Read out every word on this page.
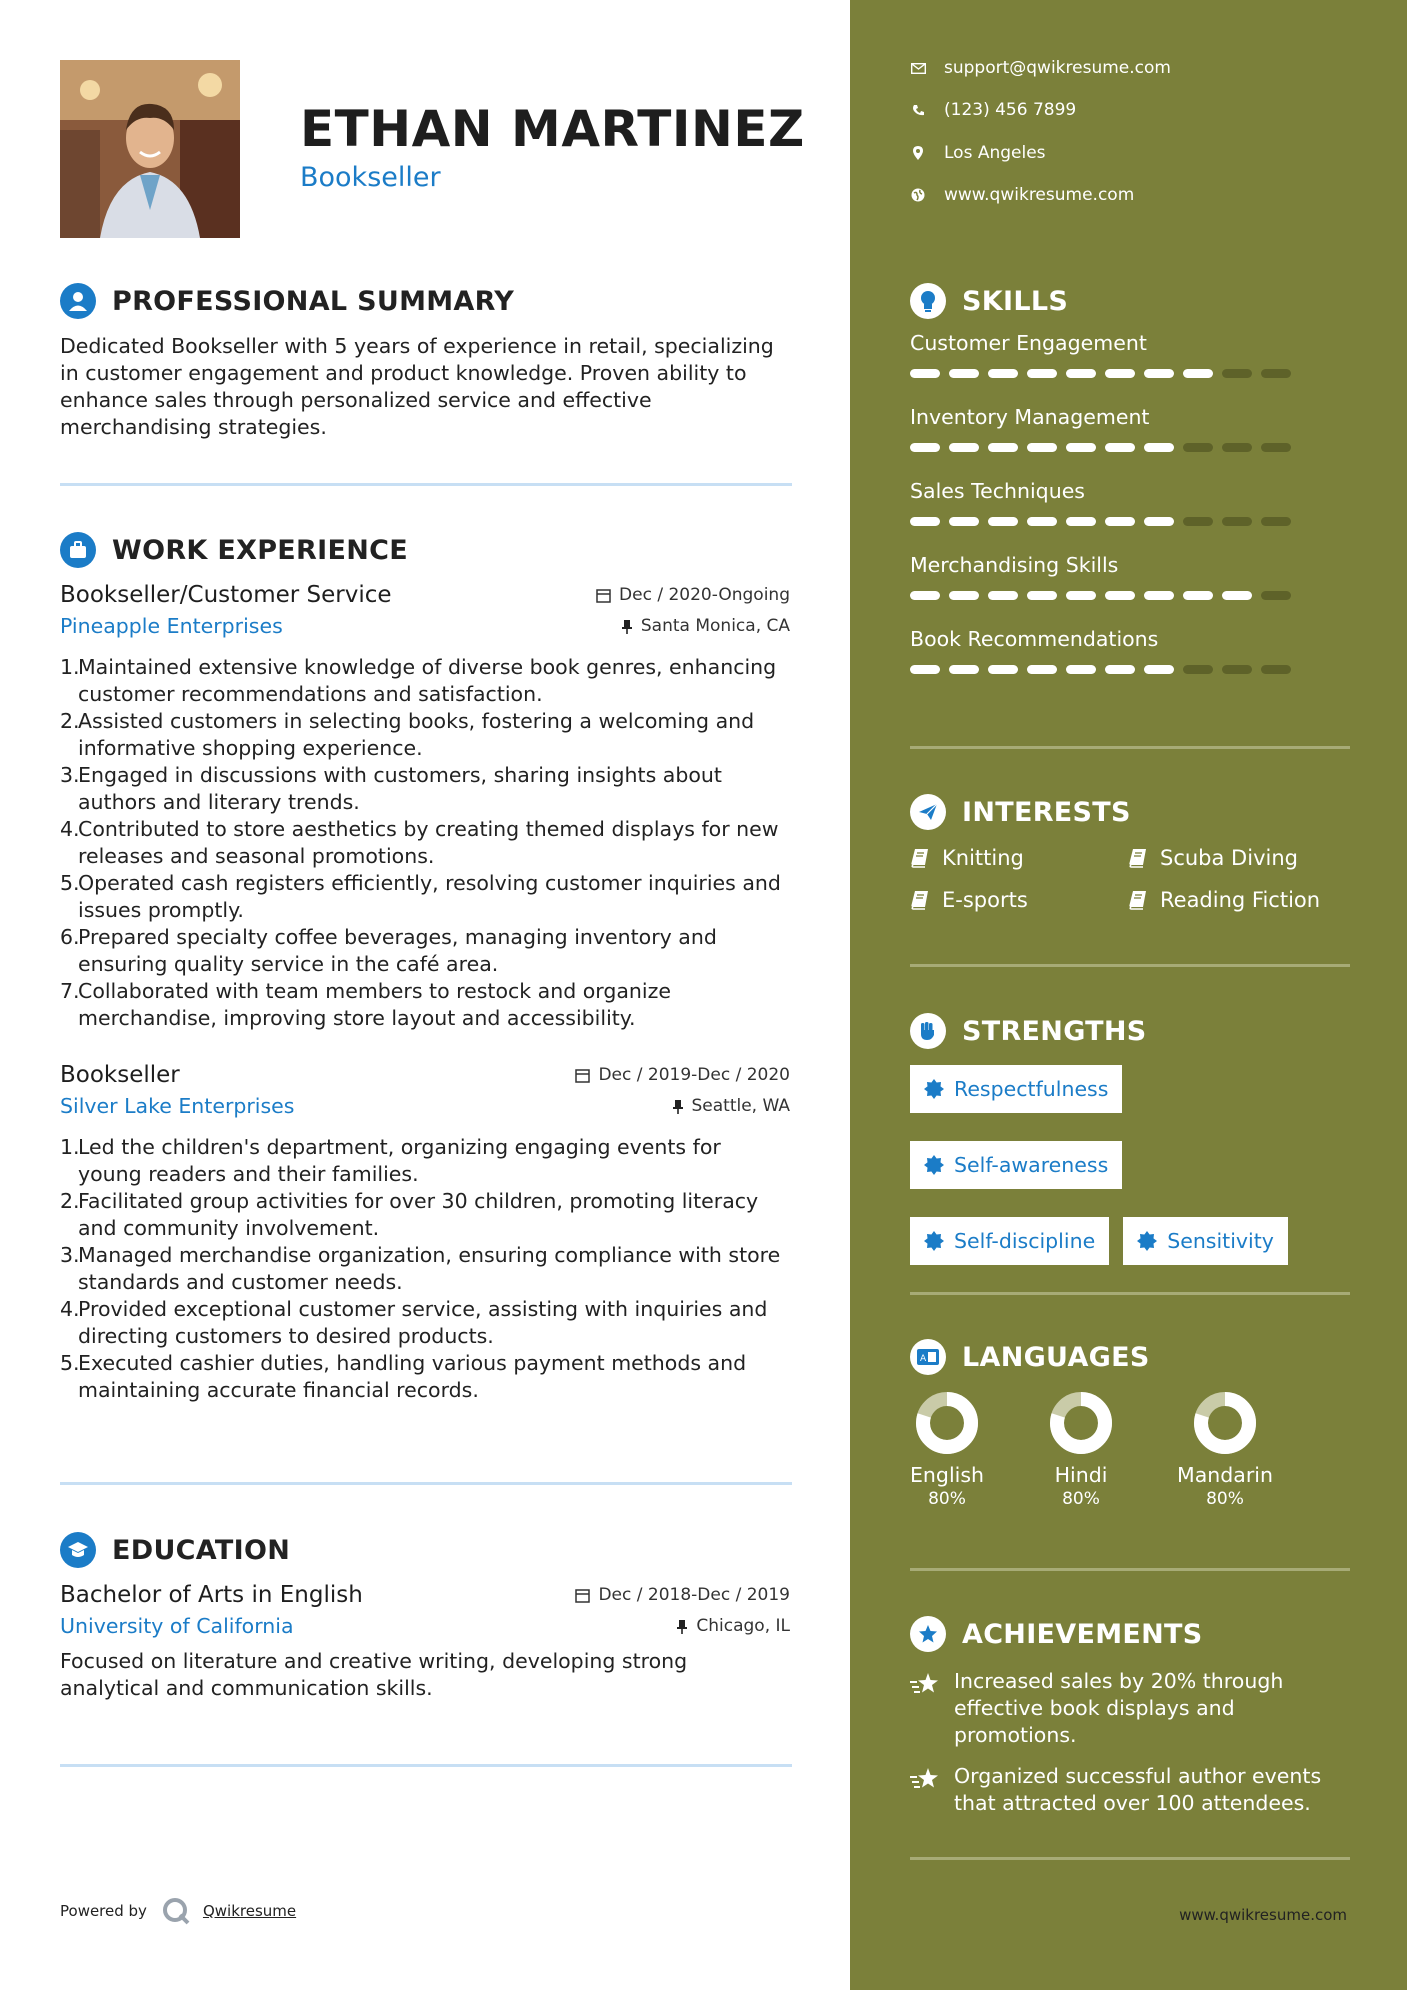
ETHAN MARTINEZ
Bookseller
PROFESSIONAL SUMMARY

Dedicated Bookseller with 5 years of experience in retail, specializing in customer engagement and product knowledge. Proven ability to enhance sales through personalized service and effective merchandising strategies.

WORK EXPERIENCE
Bookseller/Customer Service	Dec / 2020-Ongoing
Pineapple Enterprises	Santa Monica, CA
1.
Maintained extensive knowledge of diverse book genres, enhancing customer recommendations and satisfaction.
2.
Assisted customers in selecting books, fostering a welcoming and informative shopping experience.
3.
Engaged in discussions with customers, sharing insights about authors and literary trends.
4.
Contributed to store aesthetics by creating themed displays for new releases and seasonal promotions.
5.
Operated cash registers efficiently, resolving customer inquiries and issues promptly.
6.
Prepared specialty coffee beverages, managing inventory and ensuring quality service in the café area.
7.
Collaborated with team members to restock and organize merchandise, improving store layout and accessibility.
Bookseller	Dec / 2019-Dec / 2020
Silver Lake Enterprises	Seattle, WA
1.
Led the children's department, organizing engaging events for young readers and their families.
2.
Facilitated group activities for over 30 children, promoting literacy and community involvement.
3.
Managed merchandise organization, ensuring compliance with store standards and customer needs.
4.
Provided exceptional customer service, assisting with inquiries and directing customers to desired products.
5.
Executed cashier duties, handling various payment methods and maintaining accurate financial records.
EDUCATION
Bachelor of Arts in English	Dec / 2018-Dec / 2019
University of California	Chicago, IL

Focused on literature and creative writing, developing strong analytical and communication skills.

Powered by	Qwikresume
support@qwikresume.com
(123) 456 7899
Los Angeles
www.qwikresume.com
SKILLS
Customer Engagement
Inventory Management
Sales Techniques
Merchandising Skills
Book Recommendations
INTERESTS
Knitting	Scuba Diving
E-sports	Reading Fiction
STRENGTHS
Respectfulness
Self-awareness
Self-discipline	Sensitivity
A LANGUAGES
English
80%
Hindi
80%
Mandarin
80%
ACHIEVEMENTS
Increased sales by 20% through effective book displays and promotions.
Organized successful author events that attracted over 100 attendees.
www.qwikresume.com
